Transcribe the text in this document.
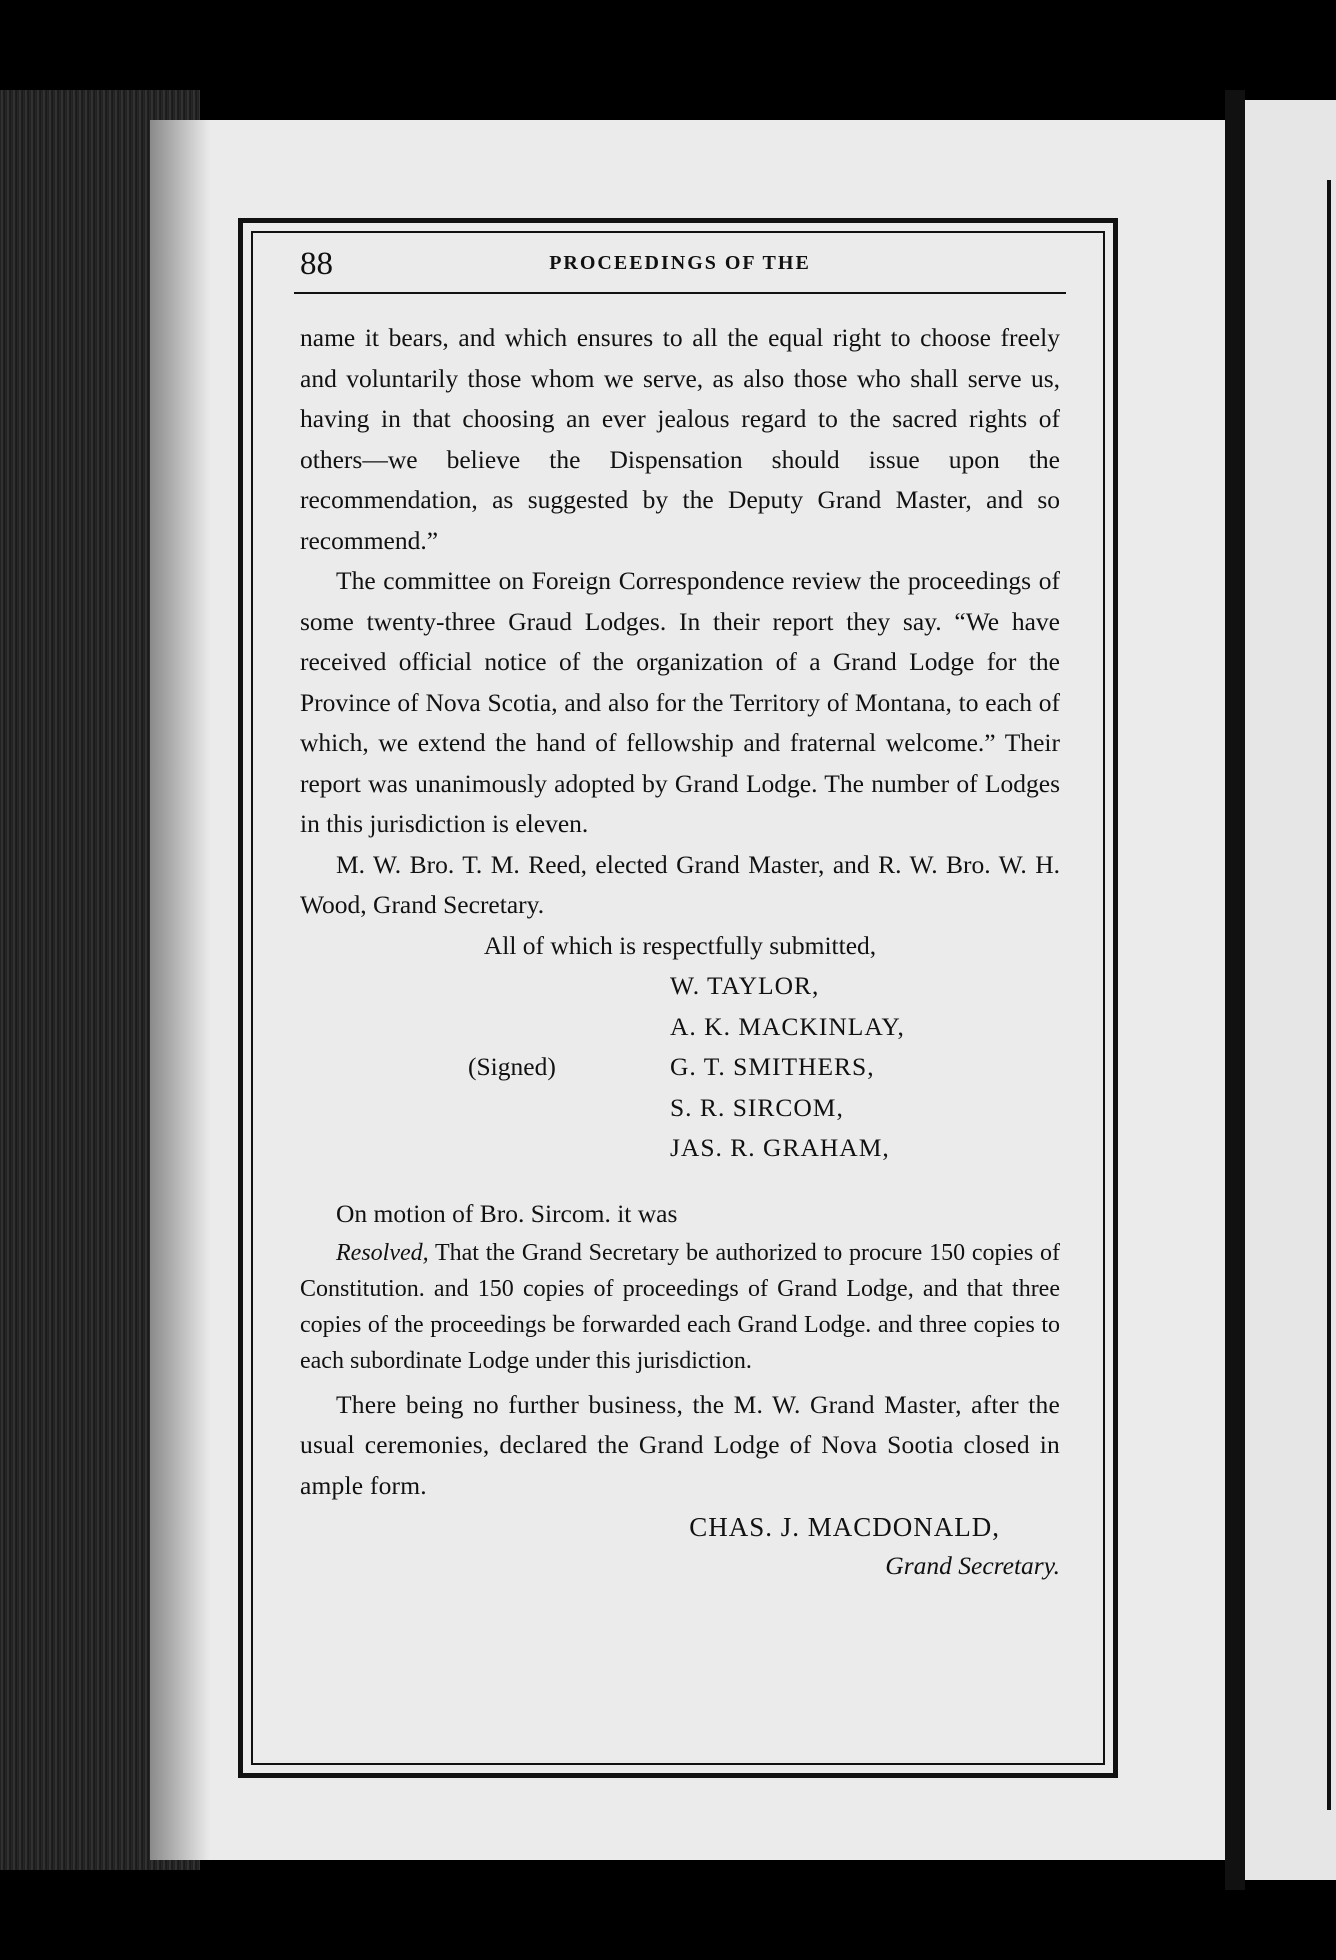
88	PROCEEDINGS OF THE

name it bears, and which ensures to all the equal right to choose freely and voluntarily those whom we serve, as also those who shall serve us, having in that choosing an ever jealous regard to the sacred rights of others—we believe the Dispensation should issue upon the recommendation, as suggested by the Deputy Grand Master, and so recommend.”

The committee on Foreign Correspondence review the proceedings of some twenty-three Graud Lodges. In their report they say. “We have received official notice of the organization of a Grand Lodge for the Province of Nova Scotia, and also for the Territory of Montana, to each of which, we extend the hand of fellowship and fraternal welcome.” Their report was unanimously adopted by Grand Lodge. The number of Lodges in this jurisdiction is eleven.

M. W. Bro. T. M. Reed, elected Grand Master, and R. W. Bro. W. H. Wood, Grand Secretary.

All of which is respectfully submitted,
(Signed)
W. TAYLOR,
A. K. MACKINLAY,
G. T. SMITHERS,
S. R. SIRCOM,
JAS. R. GRAHAM,

On motion of Bro. Sircom. it was

Resolved, That the Grand Secretary be authorized to procure 150 copies of Constitution. and 150 copies of proceedings of Grand Lodge, and that three copies of the proceedings be forwarded each Grand Lodge. and three copies to each subordinate Lodge under this jurisdiction.

There being no further business, the M. W. Grand Master, after the usual ceremonies, declared the Grand Lodge of Nova Sootia closed in ample form.

CHAS. J. MACDONALD,
Grand Secretary.
